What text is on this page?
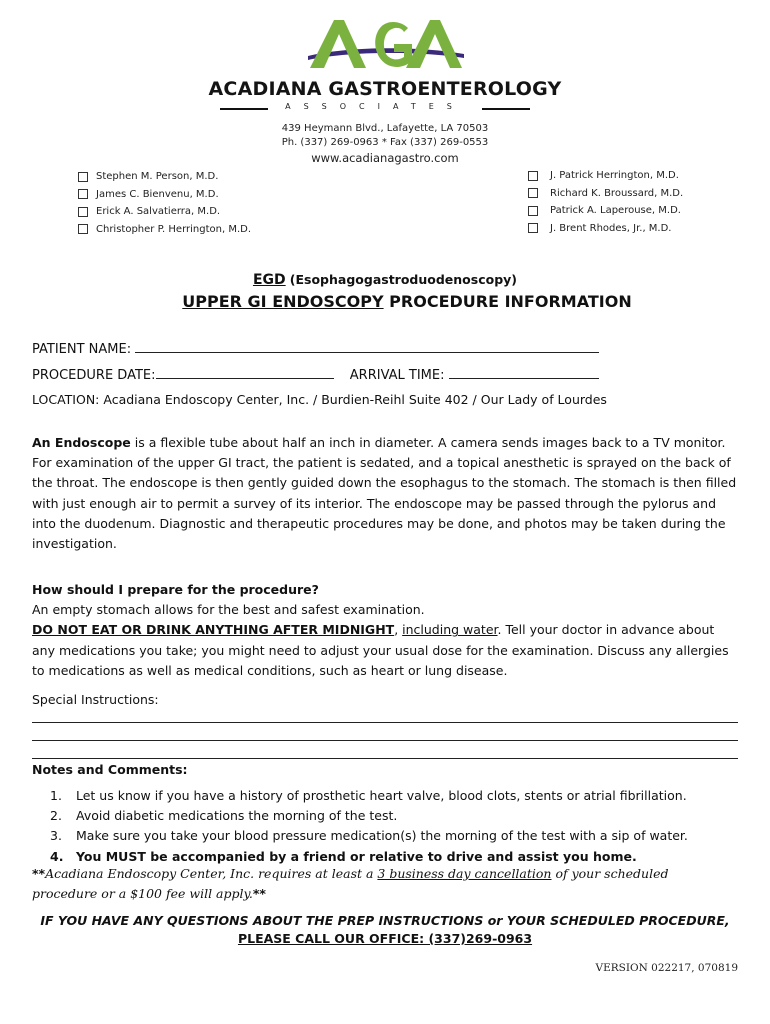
ACADIANA GASTROENTEROLOGY
ASSOCIATES
439 Heymann Blvd., Lafayette, LA 70503
Ph. (337) 269-0963 * Fax (337) 269-0553
www.acadianagastro.com
Stephen M. Person, M.D.
James C. Bienvenu, M.D.
Erick A. Salvatierra, M.D.
Christopher P. Herrington, M.D.
J. Patrick Herrington, M.D.
Richard K. Broussard, M.D.
Patrick A. Laperouse, M.D.
J. Brent Rhodes, Jr., M.D.
EGD (Esophagogastroduodenoscopy)
UPPER GI ENDOSCOPY PROCEDURE INFORMATION
PATIENT NAME:
PROCEDURE DATE:	ARRIVAL TIME:
LOCATION: Acadiana Endoscopy Center, Inc. / Burdien-Reihl Suite 402 / Our Lady of Lourdes
An Endoscope is a flexible tube about half an inch in diameter. A camera sends images back to a TV monitor. For examination of the upper GI tract, the patient is sedated, and a topical anesthetic is sprayed on the back of the throat. The endoscope is then gently guided down the esophagus to the stomach. The stomach is then filled with just enough air to permit a survey of its interior. The endoscope may be passed through the pylorus and into the duodenum. Diagnostic and therapeutic procedures may be done, and photos may be taken during the investigation.
How should I prepare for the procedure?
An empty stomach allows for the best and safest examination.
DO NOT EAT OR DRINK ANYTHING AFTER MIDNIGHT, including water. Tell your doctor in advance about any medications you take; you might need to adjust your usual dose for the examination. Discuss any allergies to medications as well as medical conditions, such as heart or lung disease.
Special Instructions:
Notes and Comments:
1.	Let us know if you have a history of prosthetic heart valve, blood clots, stents or atrial fibrillation.
2.	Avoid diabetic medications the morning of the test.
3.	Make sure you take your blood pressure medication(s) the morning of the test with a sip of water.
4.	You MUST be accompanied by a friend or relative to drive and assist you home.
**Acadiana Endoscopy Center, Inc. requires at least a 3 business day cancellation of your scheduled procedure or a $100 fee will apply.**
IF YOU HAVE ANY QUESTIONS ABOUT THE PREP INSTRUCTIONS or YOUR SCHEDULED PROCEDURE,
PLEASE CALL OUR OFFICE: (337)269-0963
VERSION 022217, 070819
